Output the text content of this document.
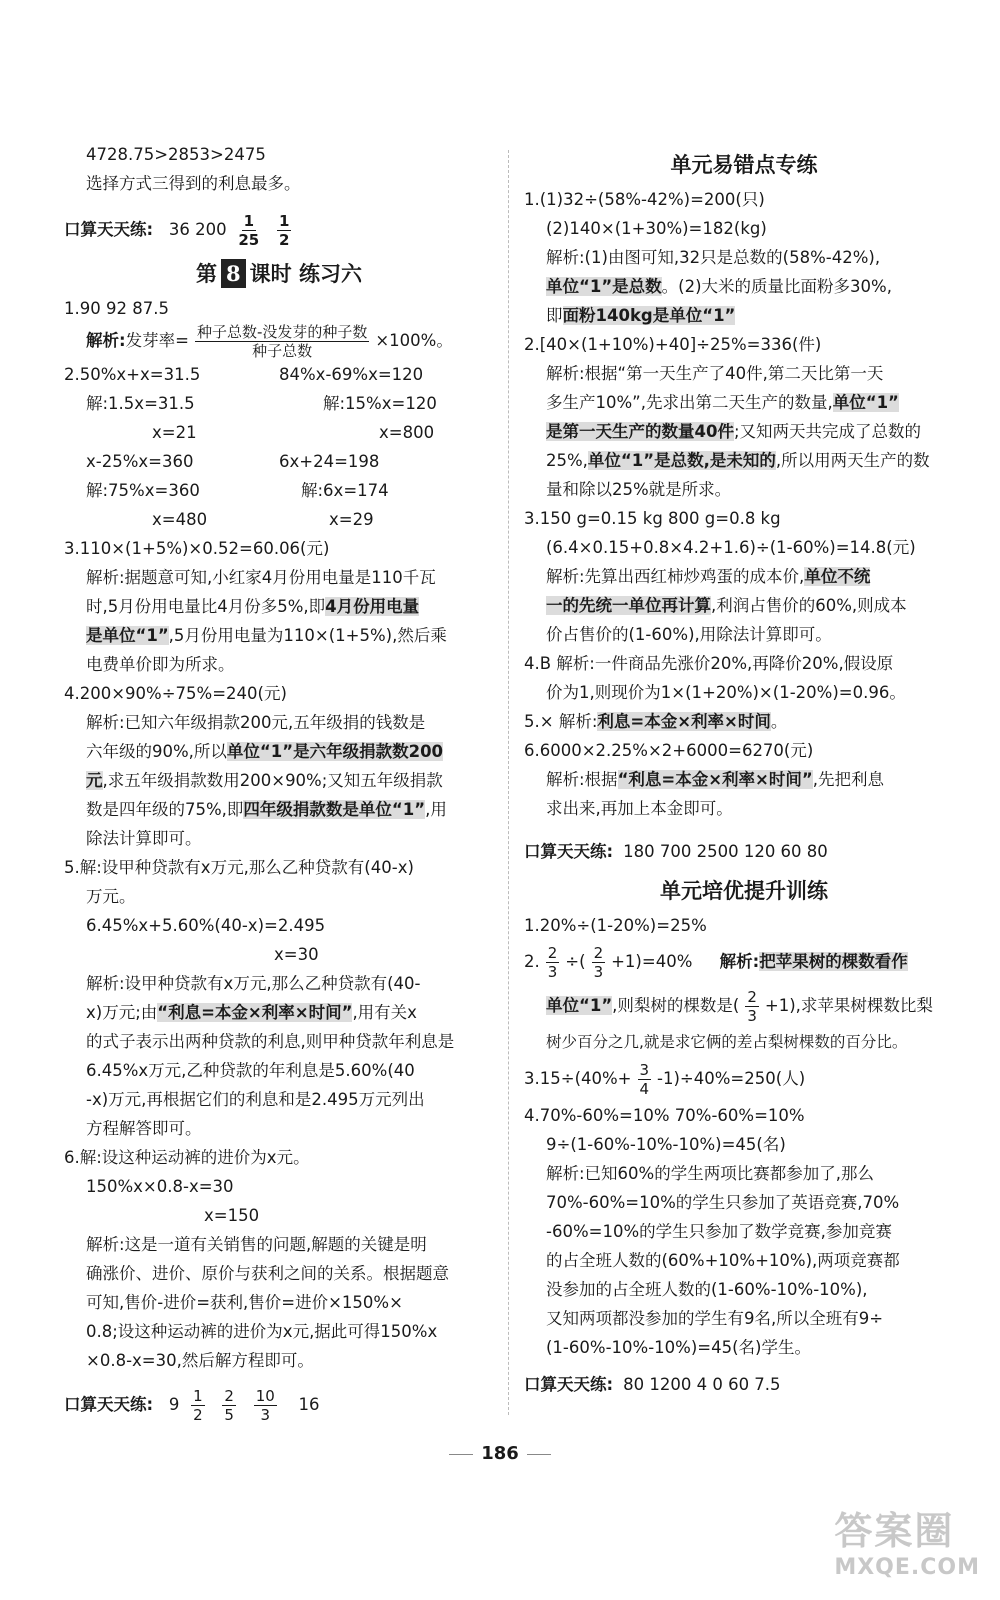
4728.75>2853>2475
选择方式三得到的利息最多。
口算天天练: 36 $200 \frac{1}{25}$
$\frac{1}{2}$
第 8 课时 练习六
1.90 92 87.5
解析:发芽率= $\frac{\text{种子总数-没发芽的种子数}}{\text{种子总数}} \times 100\%$。
2.50%x+x=31.5
解:1.5x=31.5
x=21
x-25%x=360
解:75%x=360
x=480
84%x-69%x=120
解:15%x=120
x=800
6x+24=198
解:6x=174
x=29
3.110×(1+5%)×0.52=60.06(元)
解析:据题意可知,小红家4月份用电量是110千瓦
时,5月份用电量比4月份多5%,即4月份用电量
是单位“1”,5月份用电量为110×(1+5%),然后乘
电费单价即为所求。
4.200×90%÷75%=240(元)
解析:已知六年级捐款200元,五年级捐的钱数是
六年级的90%,所以单位“1”是六年级捐款数200
元,求五年级捐款数用200×90%;又知五年级捐款
数是四年级的75%,即四年级捐款数是单位“1”,用
除法计算即可。
5.解:设甲种贷款有x万元,那么乙种贷款有(40-x)
万元。
6.45%x+5.60%(40-x)=2.495
x=30
解析:设甲种贷款有x万元,那么乙种贷款有(40-
x)万元;由“利息=本金×利率×时间”,用有关x
的式子表示出两种贷款的利息,则甲种贷款年利息是
6.45%x万元,乙种贷款的年利息是5.60%(40
-x)万元,再根据它们的利息和是2.495万元列出
方程解答即可。
6.解:设这种运动裤的进价为x元。
150%x×0.8-x=30
x=150
解析:这是一道有关销售的问题,解题的关键是明
确涨价、进价、原价与获利之间的关系。根据题意
可知,售价-进价=获利,售价=进价×150%×
0.8;设这种运动裤的进价为x元,据此可得150%x
×0.8-x=30,然后解方程即可。
口算天天练: $9 \frac{1}{2}$
$\frac{2}{5}$
$\frac{10}{3} 16$
单元易错点专练
1.(1)32÷(58%-42%)=200(只)
(2)140×(1+30%)=182(kg)
解析:(1)由图可知,32只是总数的(58%-42%),
单位“1”是总数。(2)大米的质量比面粉多30%,
即面粉140kg是单位“1”
2.[40×(1+10%)+40]÷25%=336(件)
解析:根据“第一天生产了40件,第二天比第一天
多生产10%”,先求出第二天生产的数量,单位“1”
是第一天生产的数量40件;又知两天共完成了总数的
25%,单位“1”是总数,是未知的,所以用两天生产的数
量和除以25%就是所求。
3.150 g=0.15 kg 800 g=0.8 kg
(6.4×0.15+0.8×4.2+1.6)÷(1-60%)=14.8(元)
解析:先算出西红柿炒鸡蛋的成本价,单位不统
一的先统一单位再计算,利润占售价的60%,则成本
价占售价的(1-60%),用除法计算即可。
4.B 解析:一件商品先涨价20%,再降价20%,假设原
价为1,则现价为1×(1+20%)×(1-20%)=0.96。
5.× 解析:利息=本金×利率×时间。
6.6000×2.25%×2+6000=6270(元)
解析:根据“利息=本金×利率×时间”,先把利息
求出来,再加上本金即可。
口算天天练: 180 700 2500 120 60 80
单元培优提升训练
1.20%÷(1-20%)=25%
2. $\frac{2}{3}$ ÷( $\frac{2}{3} +1)=40\%$ 解析:把苹果树的棵数看作
单位“1”,则梨树的棵数是( $\frac{2}{3} +1$),求苹果树棵数比梨
树少百分之几,就是求它俩的差占梨树棵数的百分比。
$3.15\div(40\%+ \frac{3}{4} -1)\div 40\%=250$(人)
4.70%-60%=10% 70%-60%=10%
9÷(1-60%-10%-10%)=45(名)
解析:已知60%的学生两项比赛都参加了,那么
70%-60%=10%的学生只参加了英语竞赛,70%
-60%=10%的学生只参加了数学竞赛,参加竞赛
的占全班人数的(60%+10%+10%),两项竞赛都
没参加的占全班人数的(1-60%-10%-10%),
又知两项都没参加的学生有9名,所以全班有9÷
(1-60%-10%-10%)=45(名)学生。
口算天天练: 80 1200 4 0 60 7.5
186
答案圈
MXQE.COM
